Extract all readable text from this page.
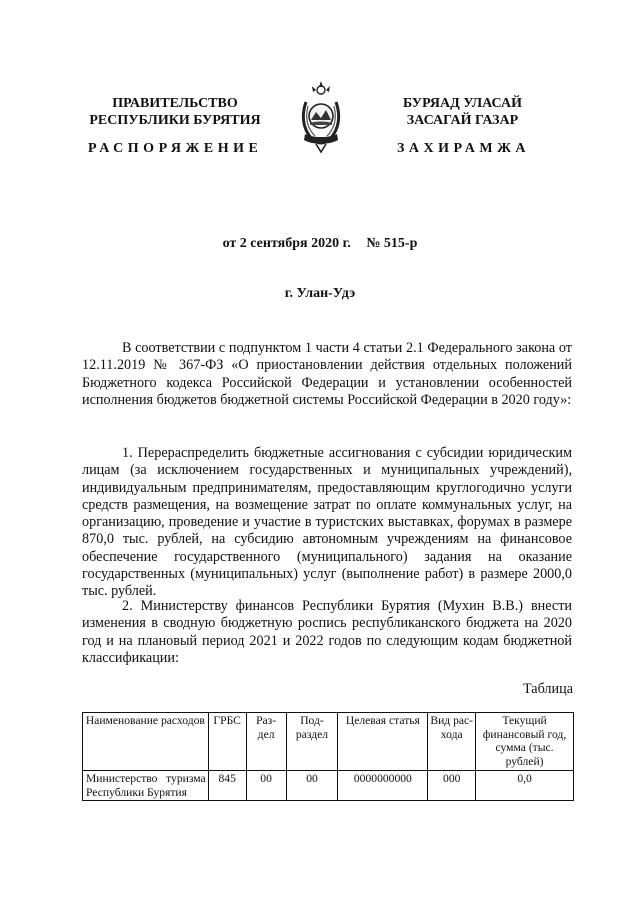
ПРАВИТЕЛЬСТВО
РЕСПУБЛИКИ БУРЯТИЯ
БУРЯАД УЛАСАЙ
ЗАСАГАЙ ГАЗАР
РАСПОРЯЖЕНИЕ	ЗАХИРАМЖА
от 2 сентября 2020 г. № 515-р
г. Улан-Удэ

В соответствии с подпунктом 1 части 4 статьи 2.1 Федерального закона от 12.11.2019 № 367-ФЗ «О приостановлении действия отдельных положений Бюджетного кодекса Российской Федерации и установлении особенностей исполнения бюджетов бюджетной системы Российской Федерации в 2020 году»:

1. Перераспределить бюджетные ассигнования с субсидии юридическим лицам (за исключением государственных и муниципальных учреждений), индивидуальным предпринимателям, предоставляющим круглогодично услуги средств размещения, на возмещение затрат по оплате коммунальных услуг, на организацию, проведение и участие в туристских выставках, форумах в размере 870,0 тыс. рублей, на субсидию автономным учреждениям на финансовое обеспечение государственного (муниципального) задания на оказание государственных (муниципальных) услуг (выполнение работ) в размере 2000,0 тыс. рублей.

2. Министерству финансов Республики Бурятия (Мухин В.В.) внести изменения в сводную бюджетную роспись республиканского бюджета на 2020 год и на плановый период 2021 и 2022 годов по следующим кодам бюджетной классификации:

Таблица
Наименование расходов	ГРБС	Раз-дел	Под-раздел	Целевая статья	Вид рас-хода	Текущий финансовый год, сумма (тыс. рублей)
Министерство туризма Республики Бурятия	845	00	00	0000000000	000	0,0
